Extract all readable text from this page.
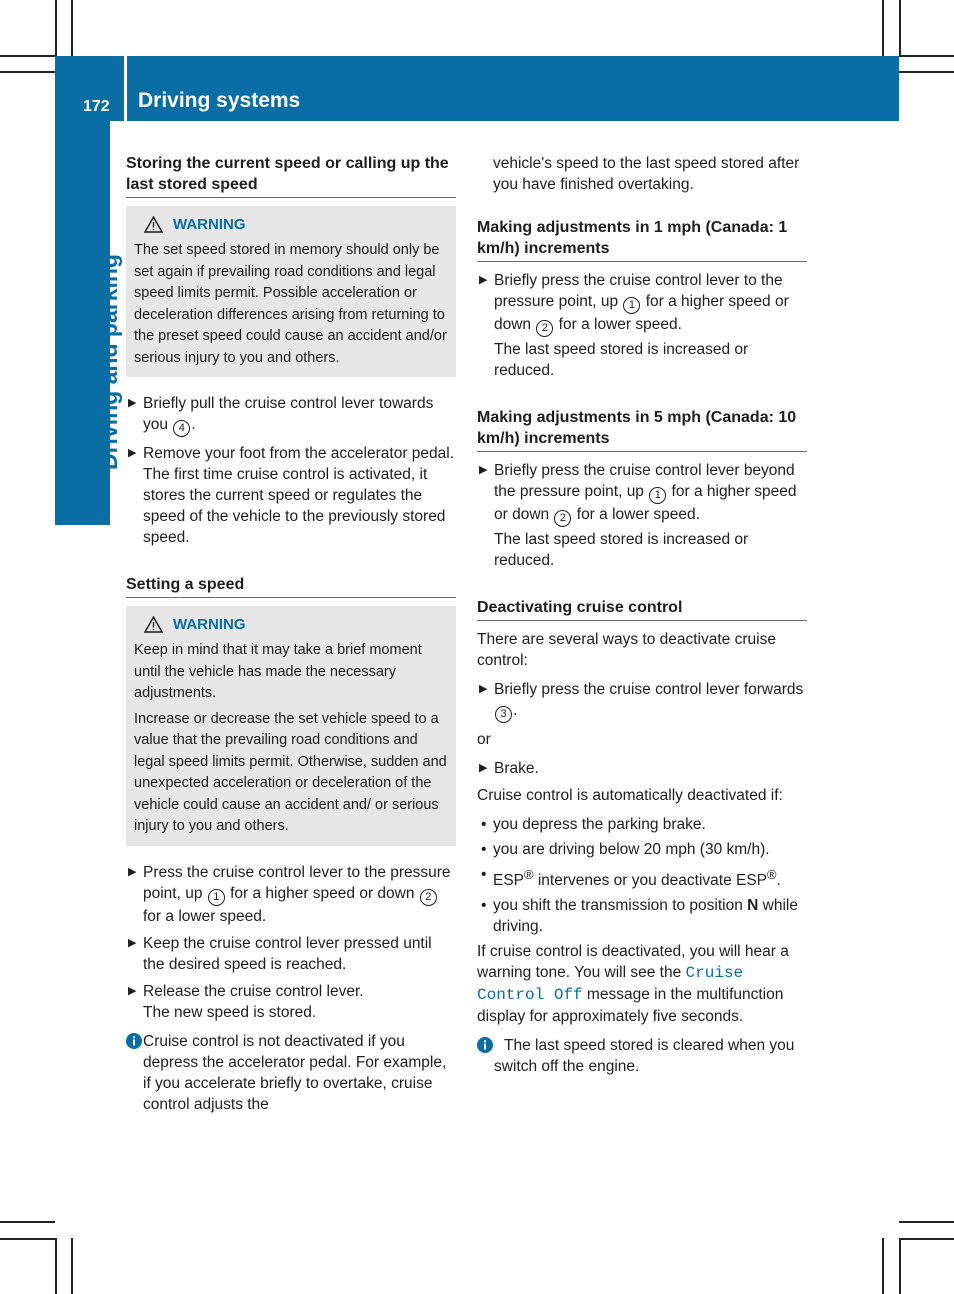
172 Driving systems
Driving and parking
Storing the current speed or calling up the last stored speed
WARNING

The set speed stored in memory should only be set again if prevailing road conditions and legal speed limits permit. Possible acceleration or deceleration differences arising from returning to the preset speed could cause an accident and/or serious injury to you and others.

▶ Briefly pull the cruise control lever towards you 4 .
▶ Remove your foot from the accelerator pedal.
The first time cruise control is activated, it stores the current speed or regulates the speed of the vehicle to the previously stored speed.
Setting a speed
WARNING

Keep in mind that it may take a brief moment until the vehicle has made the necessary adjustments.

Increase or decrease the set vehicle speed to a value that the prevailing road conditions and legal speed limits permit. Otherwise, sudden and unexpected acceleration or deceleration of the vehicle could cause an accident and/ or serious injury to you and others.

▶ Press the cruise control lever to the pressure point, up 1 for a higher speed or down 2 for a lower speed.
▶ Keep the cruise control lever pressed until the desired speed is reached.
▶ Release the cruise control lever.
The new speed is stored.
Cruise control is not deactivated if you depress the accelerator pedal. For example, if you accelerate briefly to overtake, cruise control adjusts the
vehicle's speed to the last speed stored after you have finished overtaking.
Making adjustments in 1 mph (Canada: 1 km/h) increments
▶ Briefly press the cruise control lever to the pressure point, up 1 for a higher speed or down 2 for a lower speed.
The last speed stored is increased or reduced.
Making adjustments in 5 mph (Canada: 10 km/h) increments
▶ Briefly press the cruise control lever beyond the pressure point, up 1 for a higher speed or down 2 for a lower speed.
The last speed stored is increased or reduced.
Deactivating cruise control

There are several ways to deactivate cruise control:

▶ Briefly press the cruise control lever forwards 3 .

or

▶ Brake.

Cruise control is automatically deactivated if:

• you depress the parking brake.
• you are driving below 20 mph (30 km/h).
• ESP® intervenes or you deactivate ESP®.
• you shift the transmission to position N while driving.

If cruise control is deactivated, you will hear a warning tone. You will see the Cruise Control Off message in the multifunction display for approximately five seconds.

The last speed stored is cleared when you switch off the engine.
